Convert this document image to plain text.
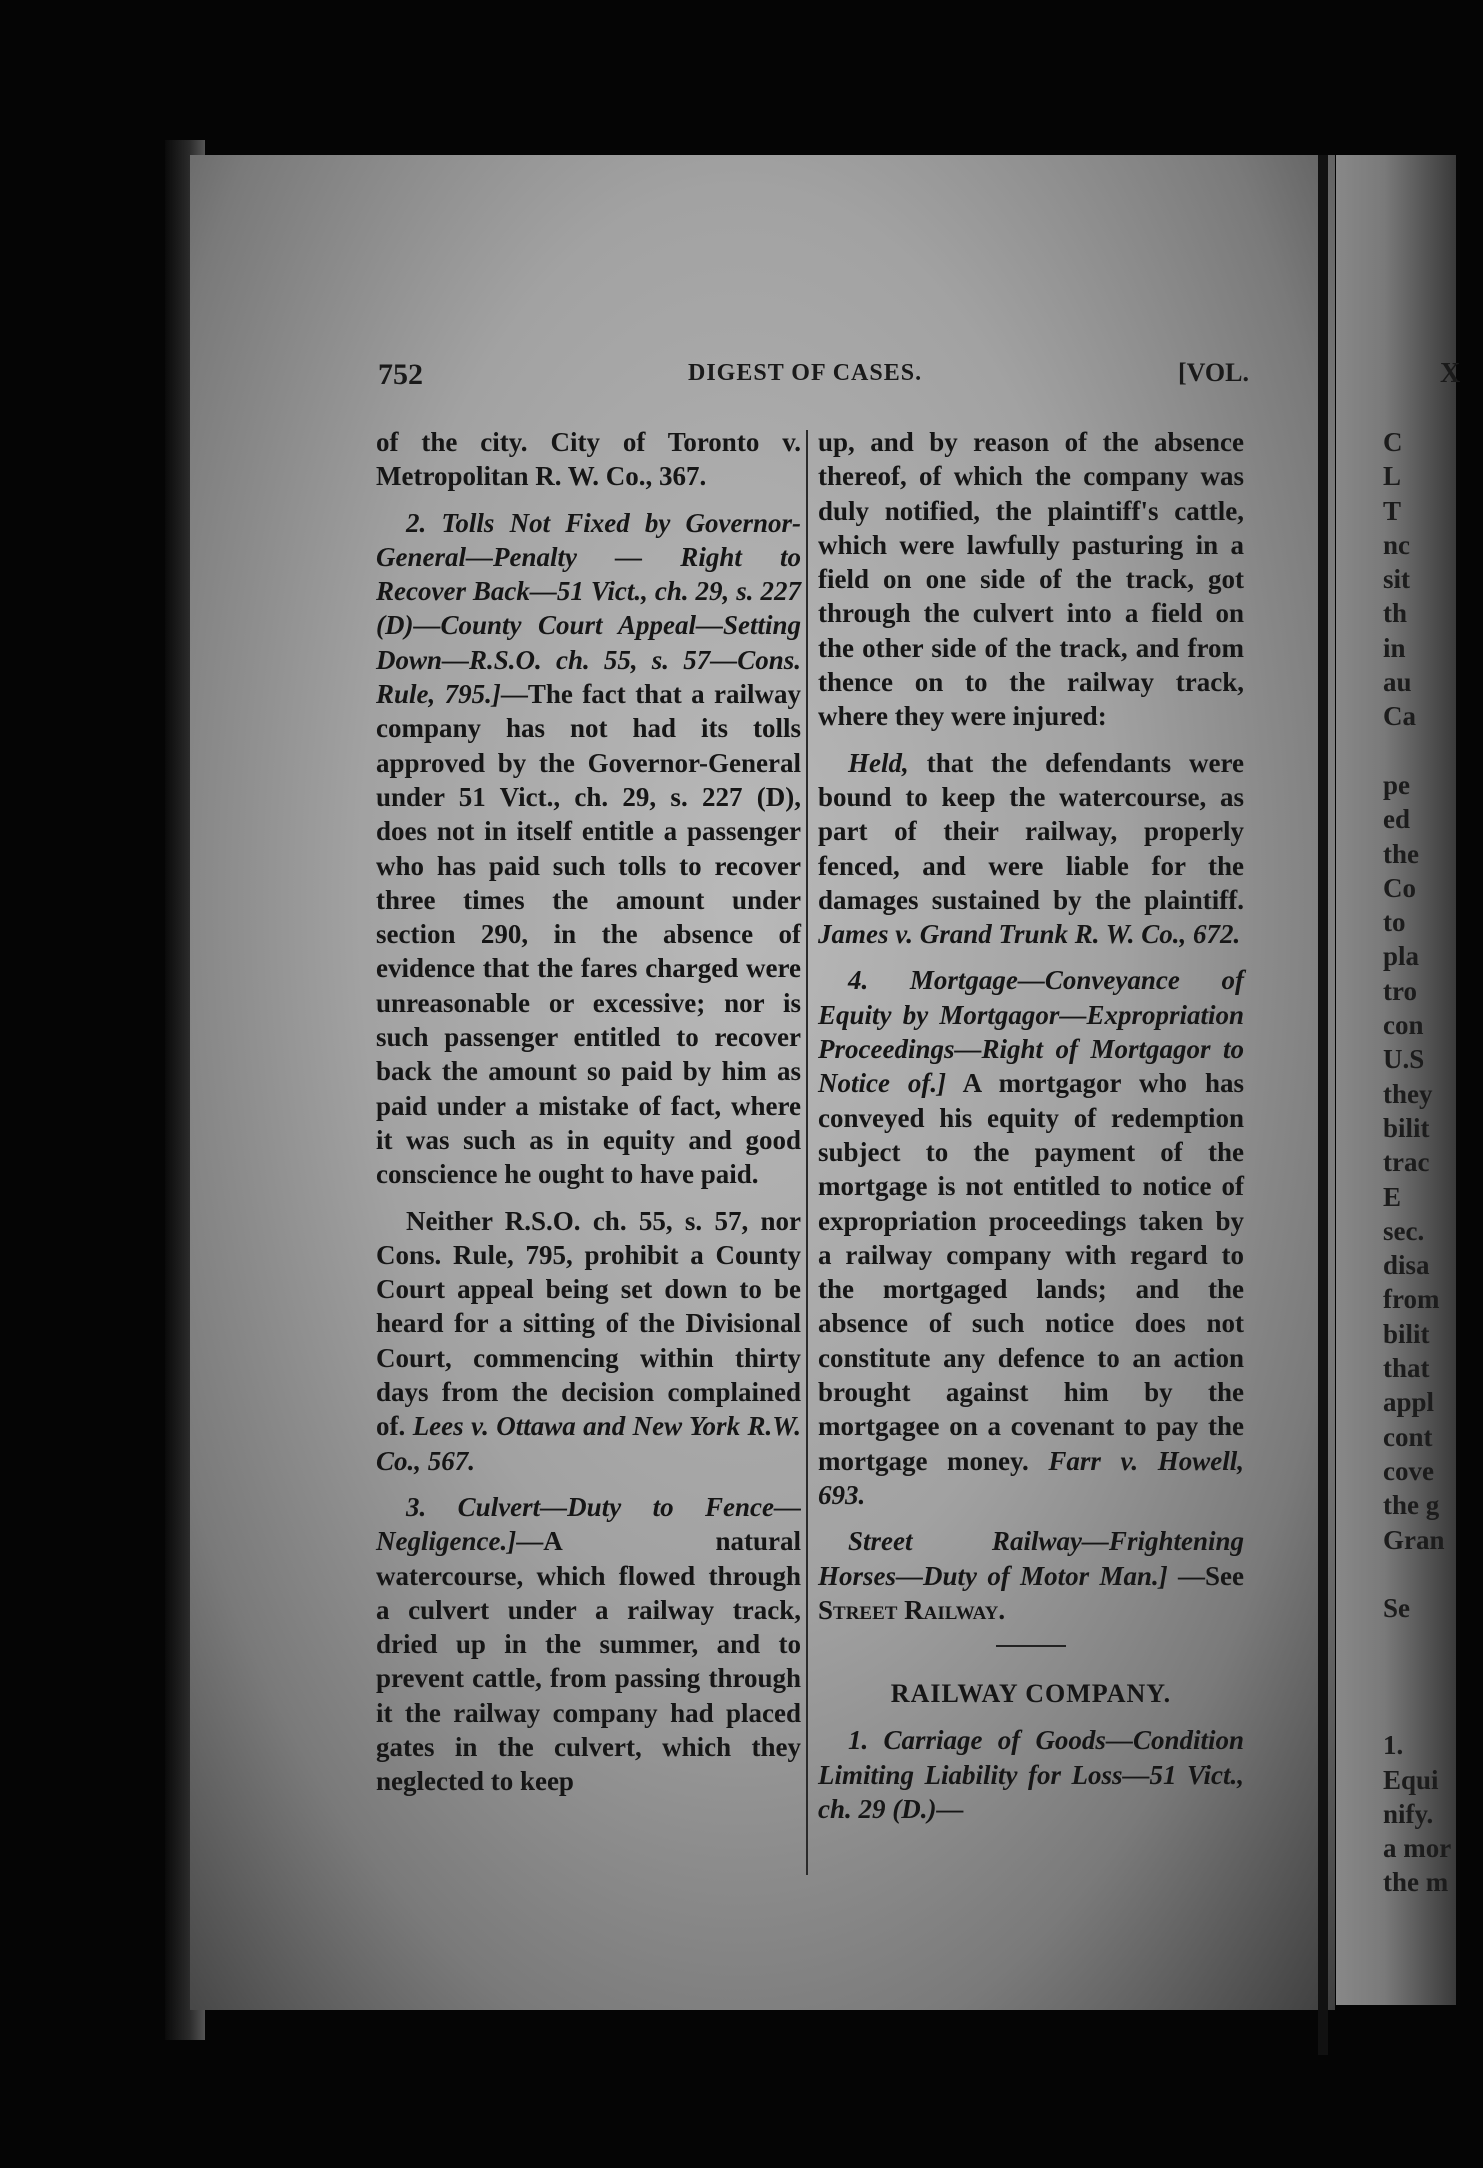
752	DIGEST OF CASES.	[VOL.	X

of the city. City of Toronto v. Metropolitan R. W. Co., 367.

2. Tolls Not Fixed by Governor-General—Penalty — Right to Recover Back—51 Vict., ch. 29, s. 227 (D)—County Court Appeal—Setting Down—R.S.O. ch. 55, s. 57—Cons. Rule, 795.]—The fact that a railway company has not had its tolls approved by the Governor-General under 51 Vict., ch. 29, s. 227 (D), does not in itself entitle a passenger who has paid such tolls to recover three times the amount under section 290, in the absence of evidence that the fares charged were unreasonable or excessive; nor is such passenger entitled to recover back the amount so paid by him as paid under a mistake of fact, where it was such as in equity and good conscience he ought to have paid.

Neither R.S.O. ch. 55, s. 57, nor Cons. Rule, 795, prohibit a County Court appeal being set down to be heard for a sitting of the Divisional Court, commencing within thirty days from the decision complained of. Lees v. Ottawa and New York R.W. Co., 567.

3. Culvert—Duty to Fence—Negligence.]—A natural watercourse, which flowed through a culvert under a railway track, dried up in the summer, and to prevent cattle, from passing through it the railway company had placed gates in the culvert, which they neglected to keep

up, and by reason of the absence thereof, of which the company was duly notified, the plaintiff's cattle, which were lawfully pasturing in a field on one side of the track, got through the culvert into a field on the other side of the track, and from thence on to the railway track, where they were injured:

Held, that the defendants were bound to keep the watercourse, as part of their railway, properly fenced, and were liable for the damages sustained by the plaintiff. James v. Grand Trunk R. W. Co., 672.

4. Mortgage—Conveyance of Equity by Mortgagor—Expropriation Proceedings—Right of Mortgagor to Notice of.] A mortgagor who has conveyed his equity of redemption subject to the payment of the mortgage is not entitled to notice of expropriation proceedings taken by a railway company with regard to the mortgaged lands; and the absence of such notice does not constitute any defence to an action brought against him by the mortgagee on a covenant to pay the mortgage money. Farr v. Howell, 693.

Street Railway—Frightening Horses—Duty of Motor Man.] —See Street Railway.

RAILWAY COMPANY.

1. Carriage of Goods—Condition Limiting Liability for Loss—51 Vict., ch. 29 (D.)—

C
L
T
nc
sit
th
in
au
Ca

pe
ed
the
Co
to
pla
tro
con
U.S
they
bilit
trac
E
sec.
disa
from
bilit
that
appl
cont
cove
the g
Gran

Se

1.
Equi
nify.
a mor
the m
